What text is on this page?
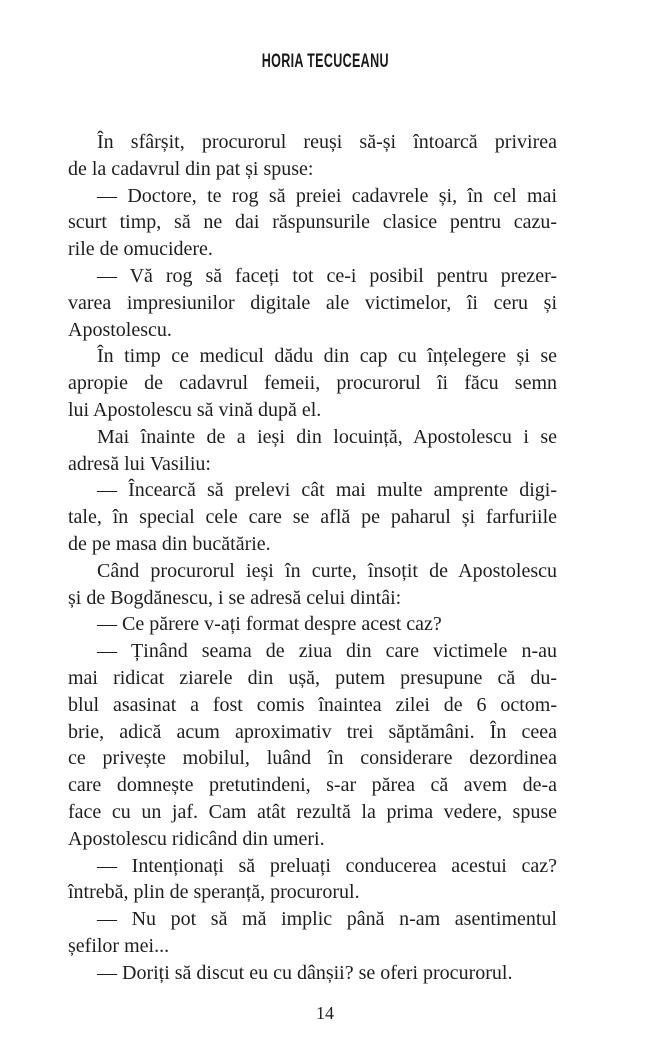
HORIA TECUCEANU
În sfârșit, procurorul reuși să-și întoarcă privirea
de la cadavrul din pat și spuse:
— Doctore, te rog să preiei cadavrele și, în cel mai
scurt timp, să ne dai răspunsurile clasice pentru cazu-
rile de omucidere.
— Vă rog să faceți tot ce-i posibil pentru prezer-
varea impresiunilor digitale ale victimelor, îi ceru și
Apostolescu.
În timp ce medicul dădu din cap cu înțelegere și se
apropie de cadavrul femeii, procurorul îi făcu semn
lui Apostolescu să vină după el.
Mai înainte de a ieși din locuință, Apostolescu i se
adresă lui Vasiliu:
— Încearcă să prelevi cât mai multe amprente digi-
tale, în special cele care se află pe paharul și farfuriile
de pe masa din bucătărie.
Când procurorul ieși în curte, însoțit de Apostolescu
și de Bogdănescu, i se adresă celui dintâi:
— Ce părere v-ați format despre acest caz?
— Ținând seama de ziua din care victimele n-au
mai ridicat ziarele din ușă, putem presupune că du-
blul asasinat a fost comis înaintea zilei de 6 octom-
brie, adică acum aproximativ trei săptămâni. În ceea
ce privește mobilul, luând în considerare dezordinea
care domnește pretutindeni, s-ar părea că avem de-a
face cu un jaf. Cam atât rezultă la prima vedere, spuse
Apostolescu ridicând din umeri.
— Intenționați să preluați conducerea acestui caz?
întrebă, plin de speranță, procurorul.
— Nu pot să mă implic până n-am asentimentul
șefilor mei...
— Doriți să discut eu cu dânșii? se oferi procurorul.
14
